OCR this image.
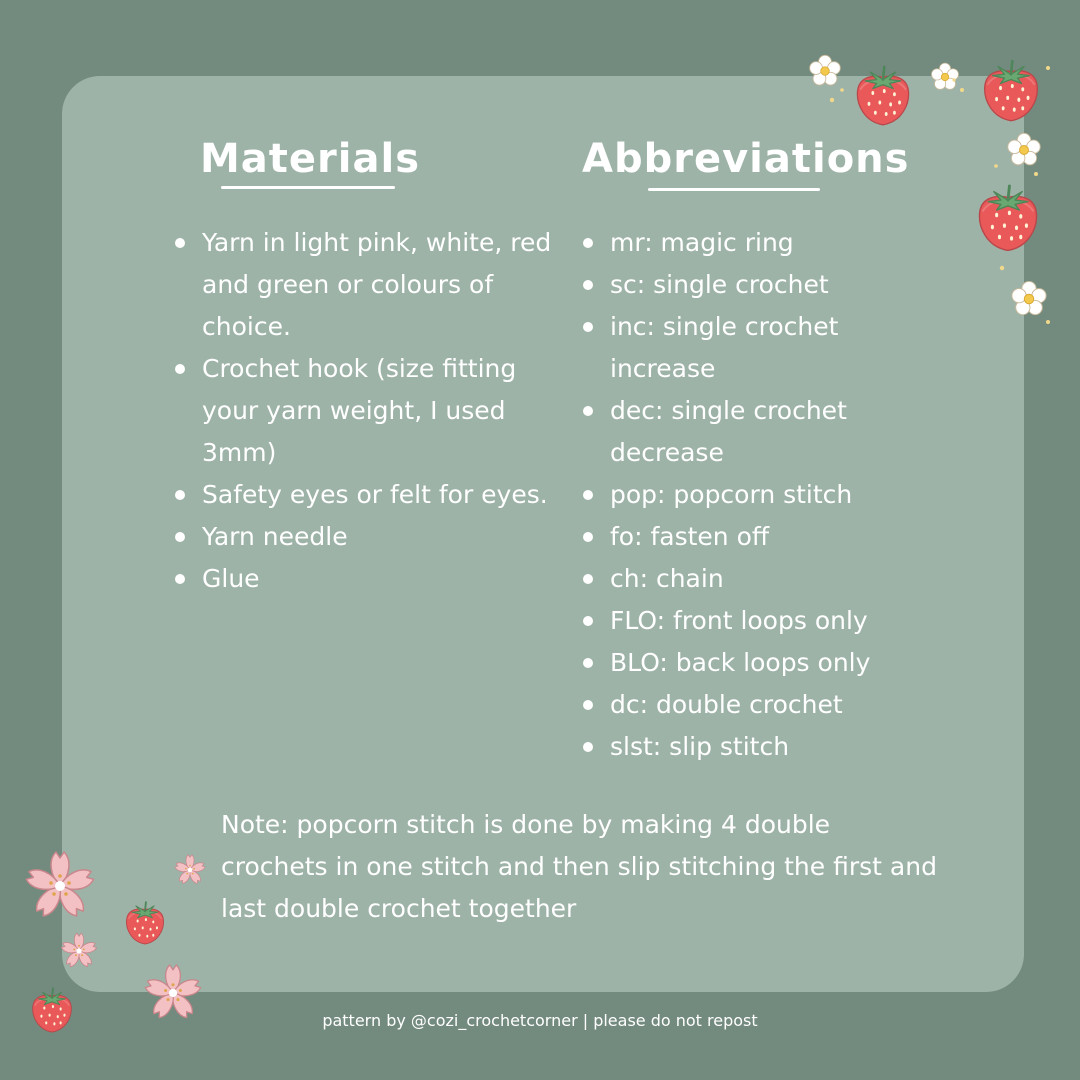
Materials	Abbreviations
Yarn in light pink, white, red and green or colours of choice.
Crochet hook (size fitting your yarn weight, I used 3mm)
Safety eyes or felt for eyes.
Yarn needle
Glue
mr: magic ring
sc: single crochet
inc: single crochet increase
dec: single crochet decrease
pop: popcorn stitch
fo: fasten off
ch: chain
FLO: front loops only
BLO: back loops only
dc: double crochet
slst: slip stitch

Note: popcorn stitch is done by making 4 double crochets in one stitch and then slip stitching the first and last double crochet together

pattern by @cozi_crochetcorner | please do not repost
